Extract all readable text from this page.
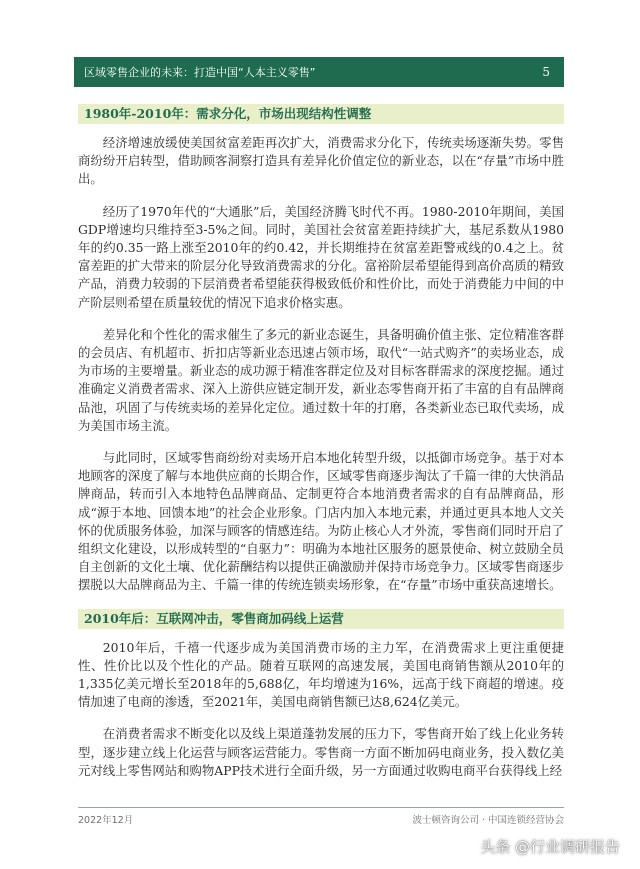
区域零售企业的未来：打造中国“人本主义零售”	5
1980年-2010年：需求分化，市场出现结构性调整

经济增速放缓使美国贫富差距再次扩大，消费需求分化下，传统卖场逐渐失势。零售商纷纷开启转型，借助顾客洞察打造具有差异化价值定位的新业态，以在“存量”市场中胜出。

经历了1970年代的“大通胀”后，美国经济腾飞时代不再。1980-2010年期间，美国GDP增速均只维持至3-5%之间。同时，美国社会贫富差距持续扩大，基尼系数从1980年的约0.35一路上涨至2010年的约0.42，并长期维持在贫富差距警戒线的0.4之上。贫富差距的扩大带来的阶层分化导致消费需求的分化。富裕阶层希望能得到高价高质的精致产品，消费力较弱的下层消费者希望能获得极致低价和性价比，而处于消费能力中间的中产阶层则希望在质量较优的情况下追求价格实惠。

差异化和个性化的需求催生了多元的新业态诞生，具备明确价值主张、定位精准客群的会员店、有机超市、折扣店等新业态迅速占领市场，取代“一站式购齐”的卖场业态，成为市场的主要增量。新业态的成功源于精准客群定位及对目标客群需求的深度挖掘。通过准确定义消费者需求、深入上游供应链定制开发，新业态零售商开拓了丰富的自有品牌商品池，巩固了与传统卖场的差异化定位。通过数十年的打磨，各类新业态已取代卖场，成为美国市场主流。

与此同时，区域零售商纷纷对卖场开启本地化转型升级，以抵御市场竞争。基于对本地顾客的深度了解与本地供应商的长期合作，区域零售商逐步淘汰了千篇一律的大快消品牌商品，转而引入本地特色品牌商品、定制更符合本地消费者需求的自有品牌商品，形成“源于本地、回馈本地”的社会企业形象。门店内加入本地元素，并通过更具本地人文关怀的优质服务体验，加深与顾客的情感连结。为防止核心人才外流，零售商们同时开启了组织文化建设，以形成转型的“自驱力”：明确为本地社区服务的愿景使命、树立鼓励全员自主创新的文化土壤、优化薪酬结构以提供正确激励并保持市场竞争力。区域零售商逐步摆脱以大品牌商品为主、千篇一律的传统连锁卖场形象，在“存量”市场中重获高速增长。

2010年后：互联网冲击，零售商加码线上运营

2010年后，千禧一代逐步成为美国消费市场的主力军，在消费需求上更注重便捷性、性价比以及个性化的产品。随着互联网的高速发展，美国电商销售额从2010年的1,335亿美元增长至2018年的5,688亿，年均增速为16%，远高于线下商超的增速。疫情加速了电商的渗透，至2021年，美国电商销售额已达8,624亿美元。

在消费者需求不断变化以及线上渠道蓬勃发展的压力下，零售商开始了线上化业务转型，逐步建立线上化运营与顾客运营能力。零售商一方面不断加码电商业务，投入数亿美元对线上零售网站和购物APP技术进行全面升级，另一方面通过收购电商平台获得线上经

2022年12月	波士顿咨询公司 · 中国连锁经营协会
头条 @行业调研报告
